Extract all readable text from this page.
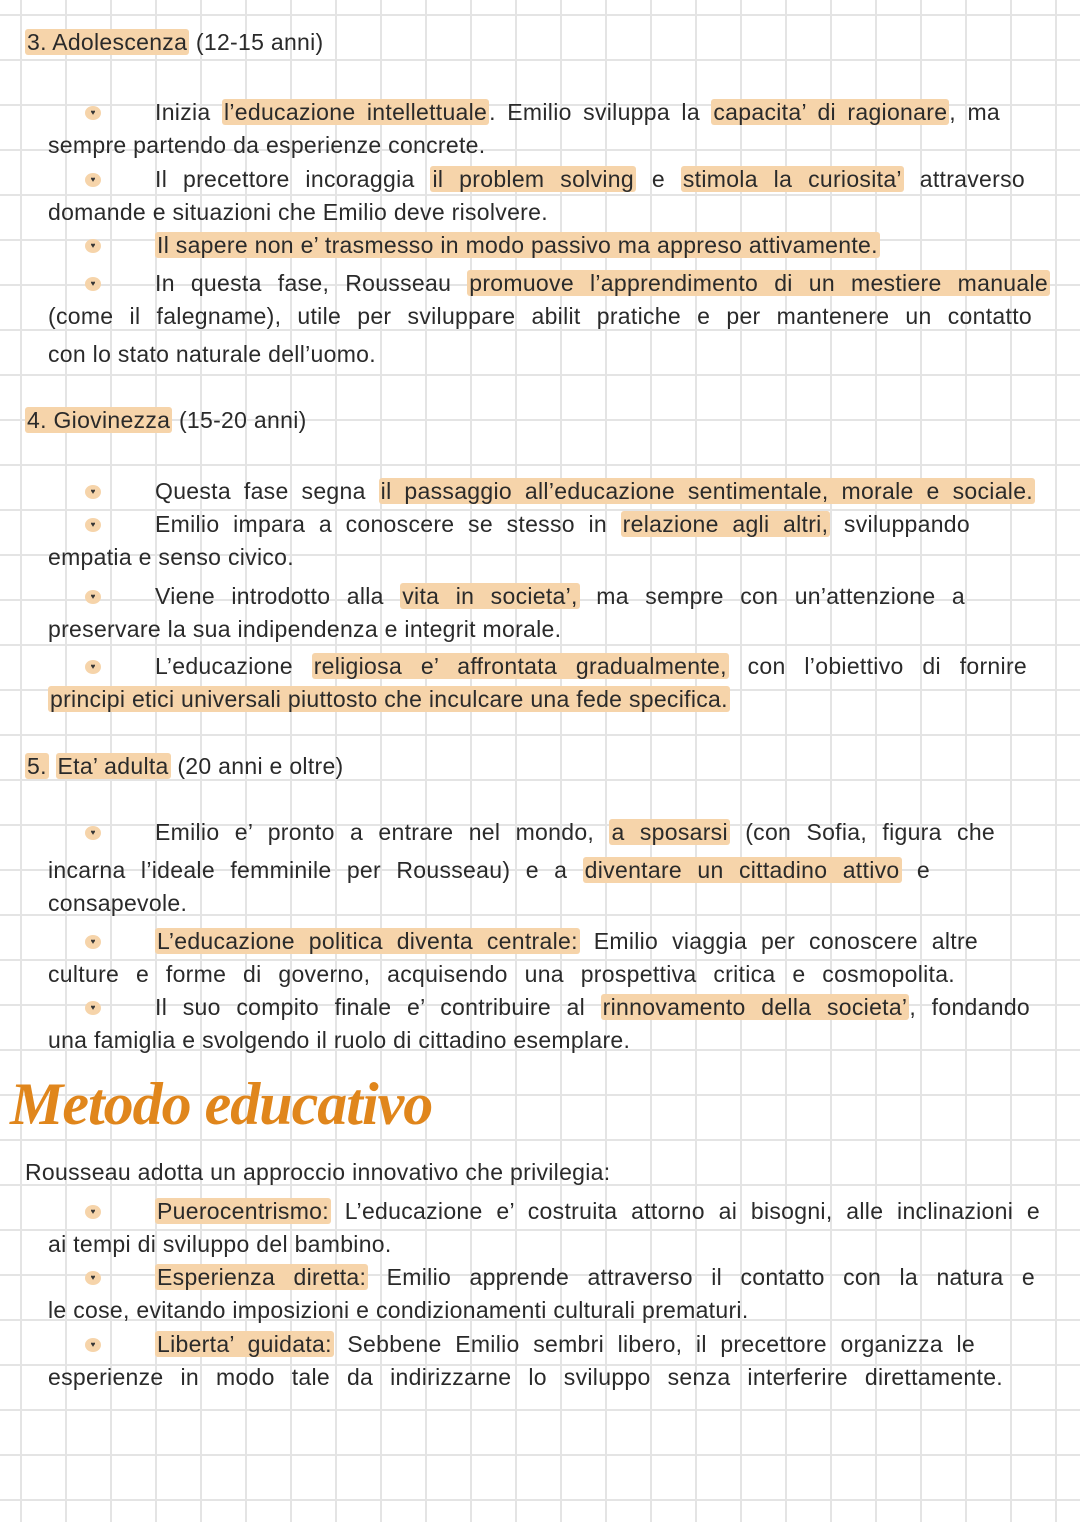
3. Adolescenza (12-15 anni)
♥	Inizia l’educazione intellettuale. Emilio sviluppa la capacita’ di ragionare, ma
sempre partendo da esperienze concrete.
♥	Il precettore incoraggia il problem solving e stimola la curiosita’ attraverso
domande e situazioni che Emilio deve risolvere.
♥	Il sapere non e’ trasmesso in modo passivo ma appreso attivamente.
♥	In questa fase, Rousseau promuove l’apprendimento di un mestiere manuale
(come il falegname), utile per sviluppare abilit pratiche e per mantenere un contatto
con lo stato naturale dell’uomo.
4. Giovinezza (15-20 anni)
♥	Questa fase segna il passaggio all’educazione sentimentale, morale e sociale.
♥	Emilio impara a conoscere se stesso in relazione agli altri, sviluppando
empatia e senso civico.
♥	Viene introdotto alla vita in societa’, ma sempre con un’attenzione a
preservare la sua indipendenza e integrit morale.
♥	L’educazione religiosa e’ affrontata gradualmente, con l’obiettivo di fornire
principi etici universali piuttosto che inculcare una fede specifica.
5. Eta’ adulta (20 anni e oltre)
♥	Emilio e’ pronto a entrare nel mondo, a sposarsi (con Sofia, figura che
incarna l’ideale femminile per Rousseau) e a diventare un cittadino attivo e
consapevole.
♥	L’educazione politica diventa centrale: Emilio viaggia per conoscere altre
culture e forme di governo, acquisendo una prospettiva critica e cosmopolita.
♥	Il suo compito finale e’ contribuire al rinnovamento della societa’, fondando
una famiglia e svolgendo il ruolo di cittadino esemplare.
Rousseau adotta un approccio innovativo che privilegia:
♥	Puerocentrismo: L’educazione e’ costruita attorno ai bisogni, alle inclinazioni e
ai tempi di sviluppo del bambino.
♥	Esperienza diretta: Emilio apprende attraverso il contatto con la natura e
le cose, evitando imposizioni e condizionamenti culturali prematuri.
♥	Liberta’ guidata: Sebbene Emilio sembri libero, il precettore organizza le
esperienze in modo tale da indirizzarne lo sviluppo senza interferire direttamente.
Metodo educativo
